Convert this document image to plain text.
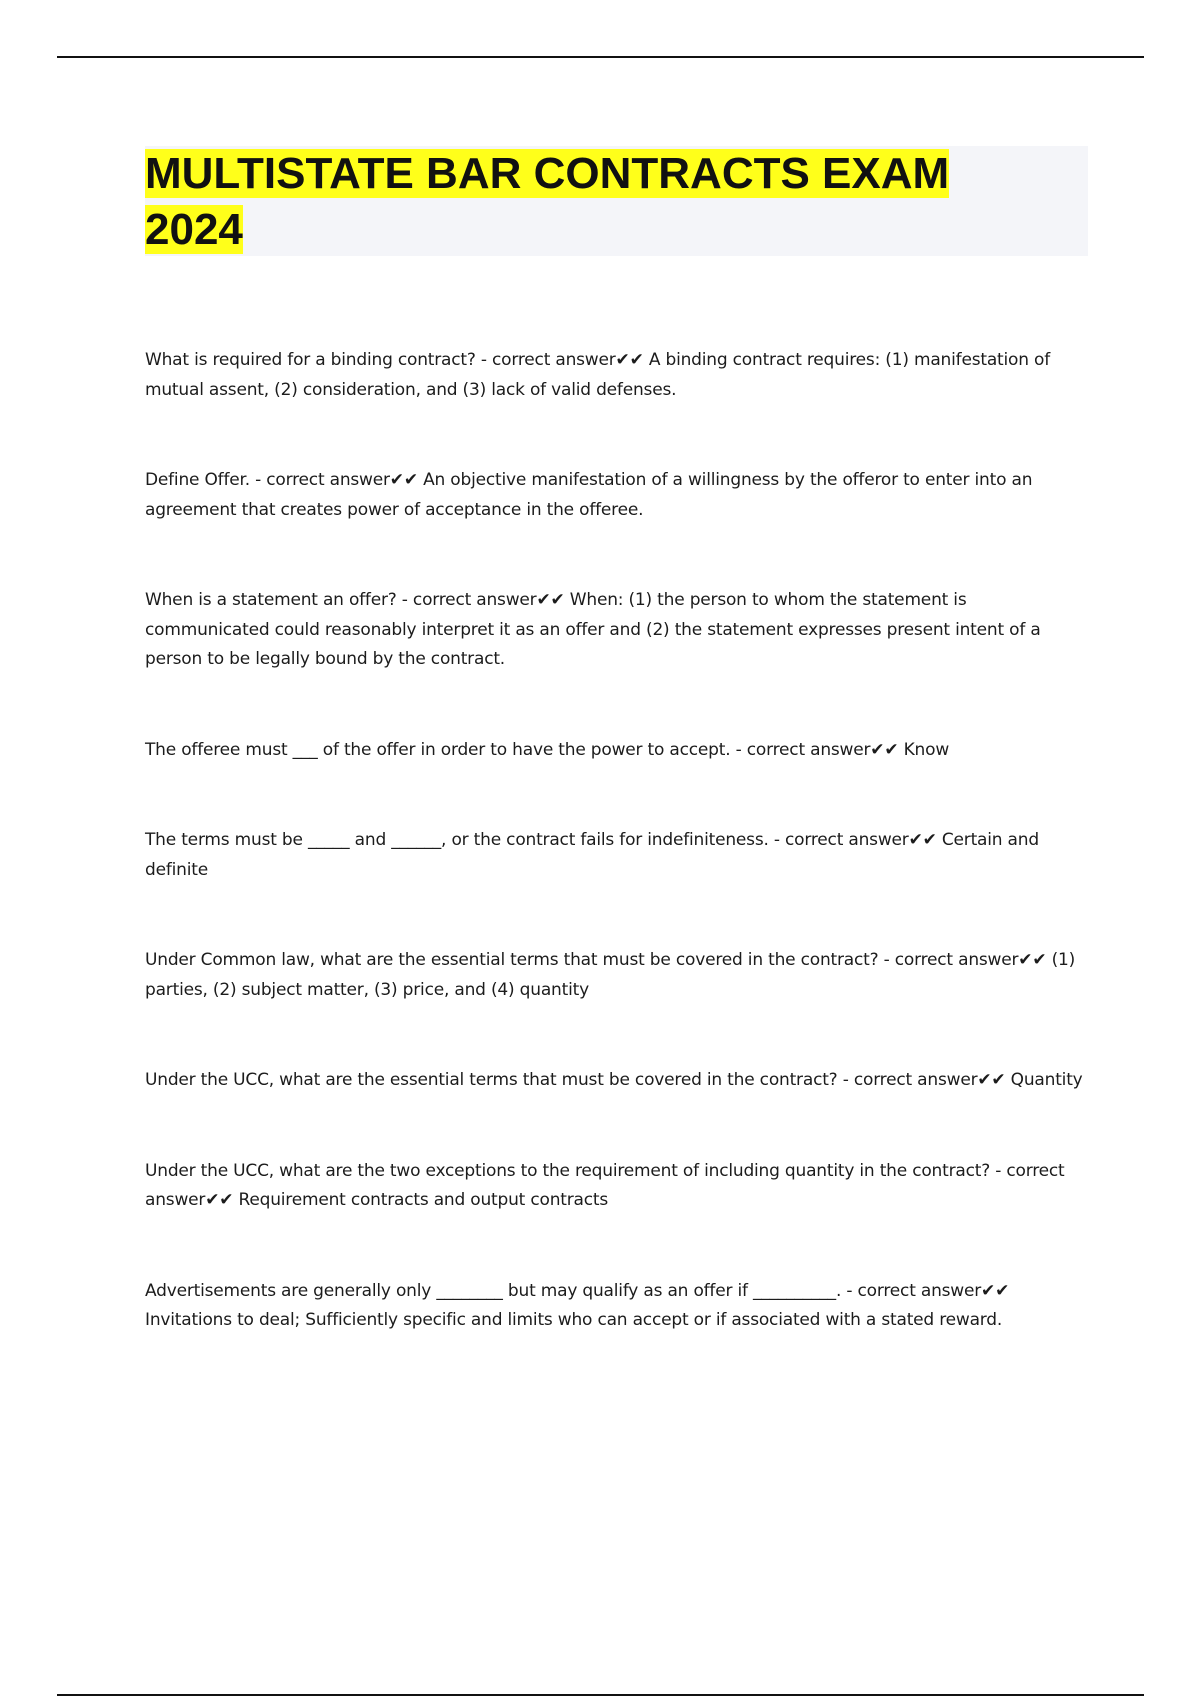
MULTISTATE BAR CONTRACTS EXAM 2024

What is required for a binding contract? - correct answer✔✔ A binding contract requires: (1) manifestation of mutual assent, (2) consideration, and (3) lack of valid defenses.

Define Offer. - correct answer✔✔ An objective manifestation of a willingness by the offeror to enter into an agreement that creates power of acceptance in the offeree.

When is a statement an offer? - correct answer✔✔ When: (1) the person to whom the statement is communicated could reasonably interpret it as an offer and (2) the statement expresses present intent of a person to be legally bound by the contract.

The offeree must ___ of the offer in order to have the power to accept. - correct answer✔✔ Know

The terms must be _____ and ______, or the contract fails for indefiniteness. - correct answer✔✔ Certain and definite

Under Common law, what are the essential terms that must be covered in the contract? - correct answer✔✔ (1) parties, (2) subject matter, (3) price, and (4) quantity

Under the UCC, what are the essential terms that must be covered in the contract? - correct answer✔✔ Quantity

Under the UCC, what are the two exceptions to the requirement of including quantity in the contract? - correct answer✔✔ Requirement contracts and output contracts

Advertisements are generally only ________ but may qualify as an offer if __________. - correct answer✔✔ Invitations to deal; Sufficiently specific and limits who can accept or if associated with a stated reward.
